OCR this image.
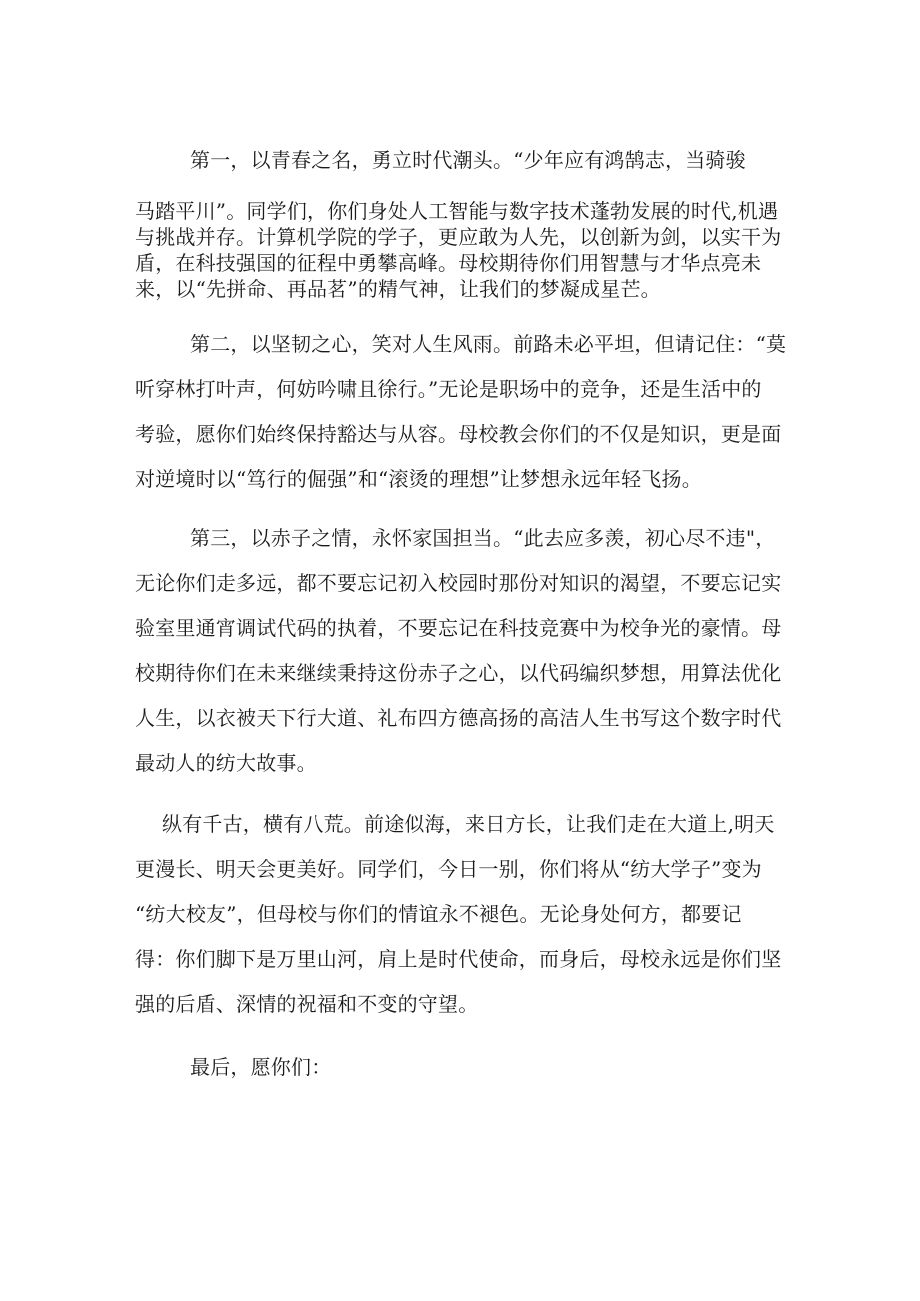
第一，以青春之名，勇立时代潮头。“少年应有鸿鹄志，当骑骏

马踏平川”。同学们，你们身处人工智能与数字技术蓬勃发展的时代,机遇

与挑战并存。计算机学院的学子，更应敢为人先，以创新为剑，以实干为

盾，在科技强国的征程中勇攀高峰。母校期待你们用智慧与才华点亮未

来，以“先拼命、再品茗”的精气神，让我们的梦凝成星芒。

第二，以坚韧之心，笑对人生风雨。前路未必平坦，但请记住：“莫

听穿林打叶声，何妨吟啸且徐行。”无论是职场中的竞争，还是生活中的

考验，愿你们始终保持豁达与从容。母校教会你们的不仅是知识，更是面

对逆境时以“笃行的倔强”和“滚烫的理想”让梦想永远年轻飞扬。

第三，以赤子之情，永怀家国担当。“此去应多羡，初心尽不违"，

无论你们走多远，都不要忘记初入校园时那份对知识的渴望，不要忘记实

验室里通宵调试代码的执着，不要忘记在科技竞赛中为校争光的豪情。母

校期待你们在未来继续秉持这份赤子之心，以代码编织梦想，用算法优化

人生，以衣被天下行大道、礼布四方德高扬的高洁人生书写这个数字时代

最动人的纺大故事。

纵有千古，横有八荒。前途似海，来日方长，让我们走在大道上,明天

更漫长、明天会更美好。同学们，今日一别，你们将从“纺大学子”变为

“纺大校友”，但母校与你们的情谊永不褪色。无论身处何方，都要记

得：你们脚下是万里山河，肩上是时代使命，而身后，母校永远是你们坚

强的后盾、深情的祝福和不变的守望。

最后，愿你们：
